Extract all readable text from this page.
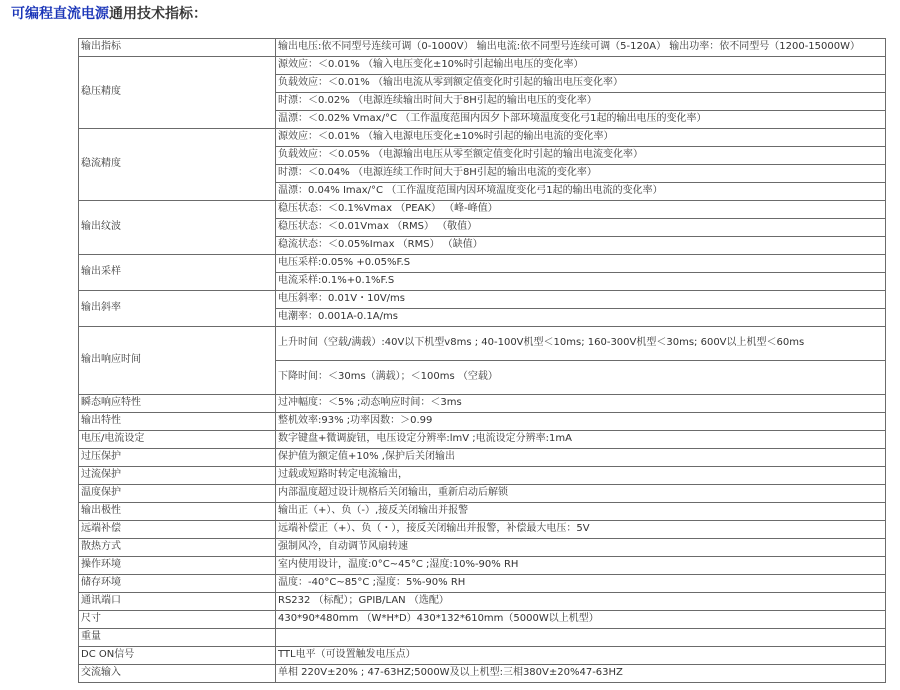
可编程直流电源通用技术指标：
输出指标	输出电压:依不同型号连续可调（0-1000V） 输出电流:依不同型号连续可调（5-120A） 输出功率：依不同型号（1200-15000W）
稳压精度	源效应：＜0.01% （输入电压变化±10%时引起输出电压的变化率）
	负载效应：＜0.01% （输出电流从零到额定值变化时引起的输出电压变化率）
	时漂：＜0.02% （电源连续输出时间大于8H引起的输出电压的变化率）
	温漂：＜0.02% Vmax/°C （工作温度范围内因夕卜部环境温度变化弓1起的输出电压的变化率）
稳流精度	源效应：＜0.01% （输入电源电压变化±10%时引起的输出电流的变化率）
	负载效应：＜0.05% （电源输出电压从零至额定值变化时引起的输出电流变化率）
	时漂：＜0.04% （电源连续工作时间大于8H引起的输出电流的变化率）
	温漂：0.04% Imax/°C （工作温度范围内因环境温度变化弓1起的输出电流的变化率）
输出纹波	稳压状态：＜0.1%Vmax （PEAK） （峰-峰值）
	稳压状态：＜0.01Vmax （RMS） （敬值）
	稳流状态：＜0.05%Imax （RMS） （缺值）
输出采样	电压采样:0.05% +0.05%F.S
	电流采样:0.1%+0.1%F.S
输出斜率	电压斜率：0.01V・10V/ms
	电潮率：0.001A-0.1A/ms
输出响应时间	上升时间（空载/满载）:40V以下机型v8ms ; 40-100V机型＜10ms; 160-300V机型＜30ms; 600V以上机型＜60ms
	下降时间：＜30ms（满载）；＜100ms （空载）
瞬态响应特性	过冲幅度：＜5% ;动态响应时间：＜3ms
输出特性	整机效率:93% ;功率因数：＞0.99
电压/电流设定	数字键盘+微调旋钮，电压设定分辨率:lmV ;电流设定分辨率:1mA
过压保护	保护值为额定值+10% ,保护后关闭输出
过流保护	过载或短路时转定电流输出，
温度保护	内部温度超过设计规格后关闭输出，重新启动后解锁
输出极性	输出正（+）、负（-）,接反关闭输出并报警
远端补偿	远端补偿正（+）、负（・），接反关闭输出并报警，补偿最大电压：5V
散热方式	强制风冷，自动调节风扇转速
操作环境	室内使用设计，温度:0°C~45°C ;湿度:10%-90% RH
储存环境	温度：-40°C~85°C ;湿度：5%-90% RH
通讯端口	RS232 （标配）；GPIB/LAN （选配）
尺寸	430*90*480mm （W*H*D）430*132*610mm（5000W以上机型）
重量	
DC ON信号	TTL电平（可设置触发电压点）
交流输入	单相 220V±20% ; 47-63HZ;5000W及以上机型:三相380V±20%47-63HZ
